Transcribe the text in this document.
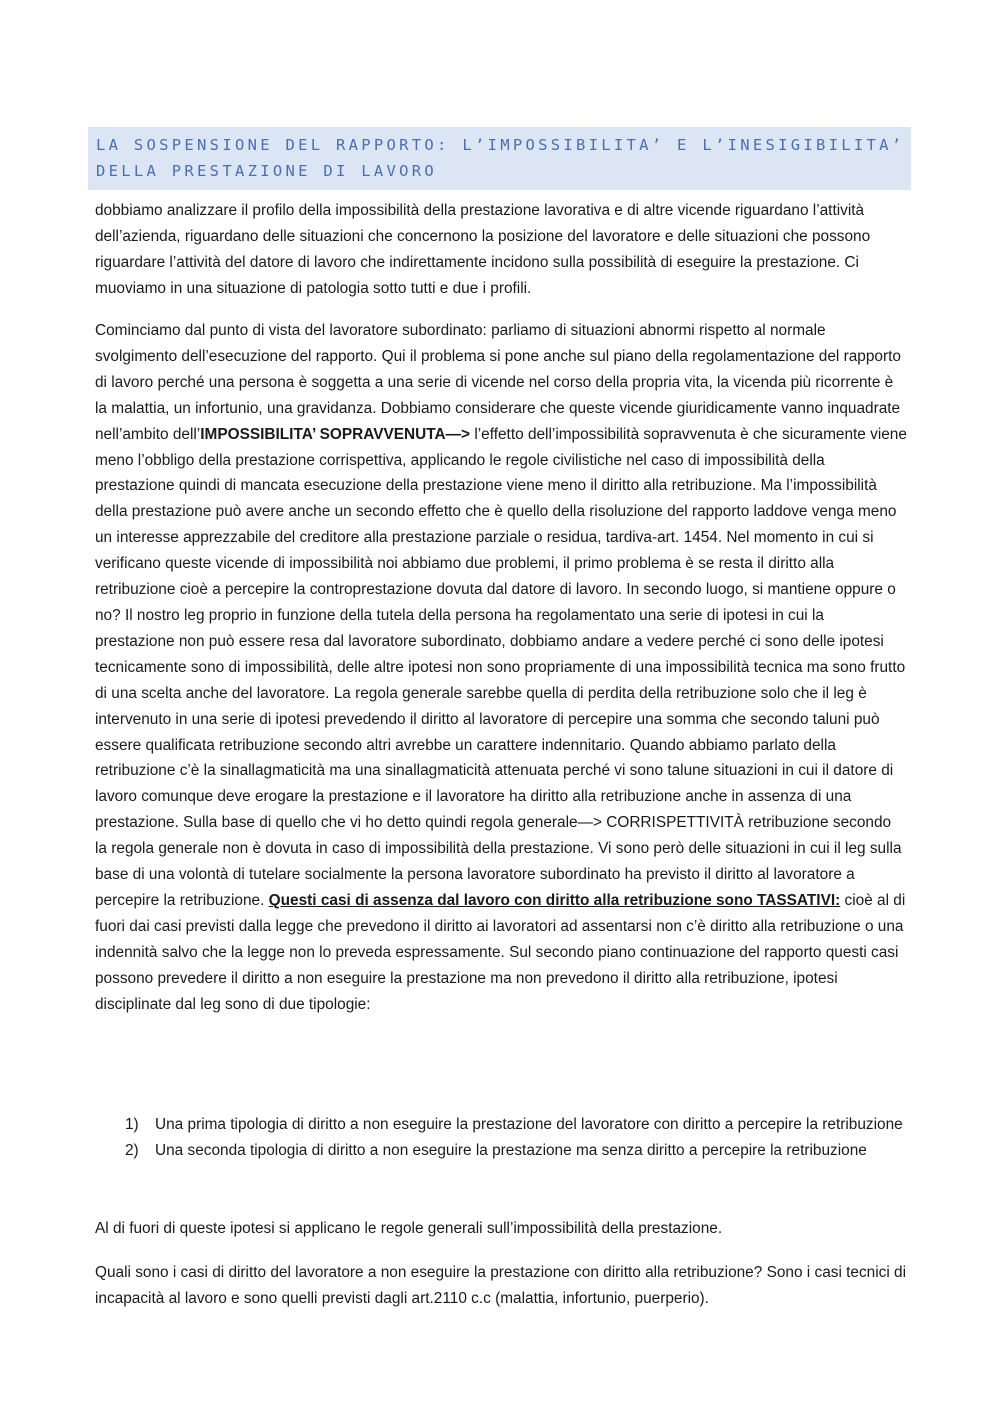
LA SOSPENSIONE DEL RAPPORTO: L’IMPOSSIBILITA’ E L’INESIGIBILITA’
DELLA PRESTAZIONE DI LAVORO

dobbiamo analizzare il profilo della impossibilità della prestazione lavorativa e di altre vicende riguardano l’attività dell’azienda, riguardano delle situazioni che concernono la posizione del lavoratore e delle situazioni che possono riguardare l’attività del datore di lavoro che indirettamente incidono sulla possibilità di eseguire la prestazione. Ci muoviamo in una situazione di patologia sotto tutti e due i profili.

Cominciamo dal punto di vista del lavoratore subordinato: parliamo di situazioni abnormi rispetto al normale svolgimento dell’esecuzione del rapporto. Qui il problema si pone anche sul piano della regolamentazione del rapporto di lavoro perché una persona è soggetta a una serie di vicende nel corso della propria vita, la vicenda più ricorrente è la malattia, un infortunio, una gravidanza. Dobbiamo considerare che queste vicende giuridicamente vanno inquadrate nell’ambito dell’IMPOSSIBILITA’ SOPRAVVENUTA—> l’effetto dell’impossibilità sopravvenuta è che sicuramente viene meno l’obbligo della prestazione corrispettiva, applicando le regole civilistiche nel caso di impossibilità della prestazione quindi di mancata esecuzione della prestazione viene meno il diritto alla retribuzione. Ma l’impossibilità della prestazione può avere anche un secondo effetto che è quello della risoluzione del rapporto laddove venga meno un interesse apprezzabile del creditore alla prestazione parziale o residua, tardiva-art. 1454. Nel momento in cui si verificano queste vicende di impossibilità noi abbiamo due problemi, il primo problema è se resta il diritto alla retribuzione cioè a percepire la controprestazione dovuta dal datore di lavoro. In secondo luogo, si mantiene oppure o no? Il nostro leg proprio in funzione della tutela della persona ha regolamentato una serie di ipotesi in cui la prestazione non può essere resa dal lavoratore subordinato, dobbiamo andare a vedere perché ci sono delle ipotesi tecnicamente sono di impossibilità, delle altre ipotesi non sono propriamente di una impossibilità tecnica ma sono frutto di una scelta anche del lavoratore. La regola generale sarebbe quella di perdita della retribuzione solo che il leg è intervenuto in una serie di ipotesi prevedendo il diritto al lavoratore di percepire una somma che secondo taluni può essere qualificata retribuzione secondo altri avrebbe un carattere indennitario. Quando abbiamo parlato della retribuzione c’è la sinallagmaticità ma una sinallagmaticità attenuata perché vi sono talune situazioni in cui il datore di lavoro comunque deve erogare la prestazione e il lavoratore ha diritto alla retribuzione anche in assenza di una prestazione. Sulla base di quello che vi ho detto quindi regola generale—> CORRISPETTIVITÀ retribuzione secondo la regola generale non è dovuta in caso di impossibilità della prestazione. Vi sono però delle situazioni in cui il leg sulla base di una volontà di tutelare socialmente la persona lavoratore subordinato ha previsto il diritto al lavoratore a percepire la retribuzione. Questi casi di assenza dal lavoro con diritto alla retribuzione sono TASSATIVI: cioè al di fuori dai casi previsti dalla legge che prevedono il diritto ai lavoratori ad assentarsi non c’è diritto alla retribuzione o una indennità salvo che la legge non lo preveda espressamente. Sul secondo piano continuazione del rapporto questi casi possono prevedere il diritto a non eseguire la prestazione ma non prevedono il diritto alla retribuzione, ipotesi disciplinate dal leg sono di due tipologie:

1)	Una prima tipologia di diritto a non eseguire la prestazione del lavoratore con diritto a percepire la retribuzione
2)	Una seconda tipologia di diritto a non eseguire la prestazione ma senza diritto a percepire la retribuzione

Al di fuori di queste ipotesi si applicano le regole generali sull’impossibilità della prestazione.

Quali sono i casi di diritto del lavoratore a non eseguire la prestazione con diritto alla retribuzione? Sono i casi tecnici di incapacità al lavoro e sono quelli previsti dagli art.2110 c.c (malattia, infortunio, puerperio).
